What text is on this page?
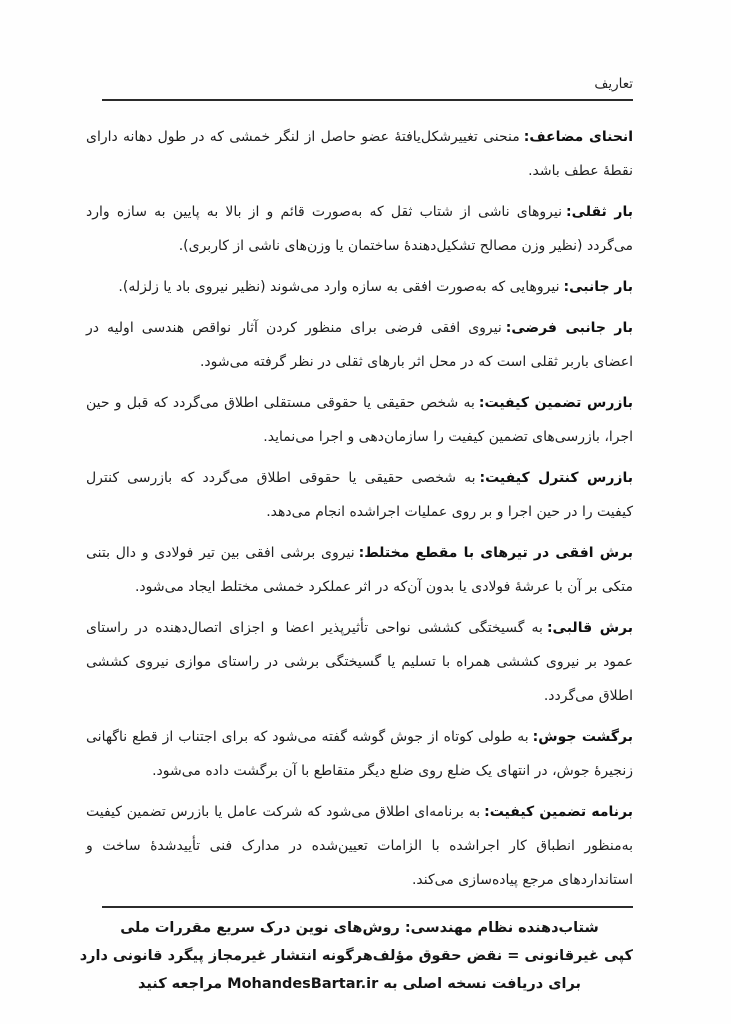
تعاریف

انحنای مضاعف:منحنی تغییرشکل‌یافتهٔ عضو حاصل از لنگر خمشی که در طول دهانه دارای نقطهٔ عطف باشد.

بار ثقلی:نیروهای ناشی از شتاب ثقل که به‌صورت قائم و از بالا به پایین به سازه وارد می‌گردد (نظیر وزن مصالح تشکیل‌دهندهٔ ساختمان یا وزن‌های ناشی از کاربری).

بار جانبی:نیروهایی که به‌صورت افقی به سازه وارد می‌شوند (نظیر نیروی باد یا زلزله).

بار جانبی فرضی:نیروی افقی فرضی برای منظور کردن آثار نواقص هندسی اولیه در اعضای باربر ثقلی است که در محل اثر بارهای ثقلی در نظر گرفته می‌شود.

بازرس تضمین کیفیت:به شخص حقیقی یا حقوقی مستقلی اطلاق می‌گردد که قبل و حین اجرا، بازرسی‌های تضمین کیفیت را سازمان‌دهی و اجرا می‌نماید.

بازرس کنترل کیفیت:به شخصی حقیقی یا حقوقی اطلاق می‌گردد که بازرسی کنترل کیفیت را در حین اجرا و بر روی عملیات اجراشده انجام می‌دهد.

برش افقی در تیرهای با مقطع مختلط:نیروی برشی افقی بین تیر فولادی و دال بتنی متکی بر آن با عرشهٔ فولادی یا بدون آن‌که در اثر عملکرد خمشی مختلط ایجاد می‌شود.

برش قالبی:به گسیختگی کششی نواحی تأثیرپذیر اعضا و اجزای اتصال‌دهنده در راستای عمود بر نیروی کششی همراه با تسلیم یا گسیختگی برشی در راستای موازی نیروی کششی اطلاق می‌گردد.

برگشت جوش:به طولی کوتاه از جوش گوشه گفته می‌شود که برای اجتناب از قطع ناگهانی زنجیرهٔ جوش، در انتهای یک ضلع روی ضلع دیگر متقاطع با آن برگشت داده می‌شود.

برنامه تضمین کیفیت:به برنامه‌ای اطلاق می‌شود که شرکت عامل یا بازرس تضمین کیفیت به‌منظور انطباق کار اجراشده با الزامات تعیین‌شده در مدارک فنی تأییدشدهٔ ساخت و استانداردهای مرجع پیاده‌سازی می‌کند.

شتاب‌دهنده نظام مهندسی: روش‌های نوین درک سریع مقررات ملی
کپی غیرقانونی = نقض حقوق مؤلف
هرگونه انتشار غیرمجاز پیگرد قانونی دارد
برای دریافت نسخه اصلی به MohandesBartar.ir مراجعه کنید
